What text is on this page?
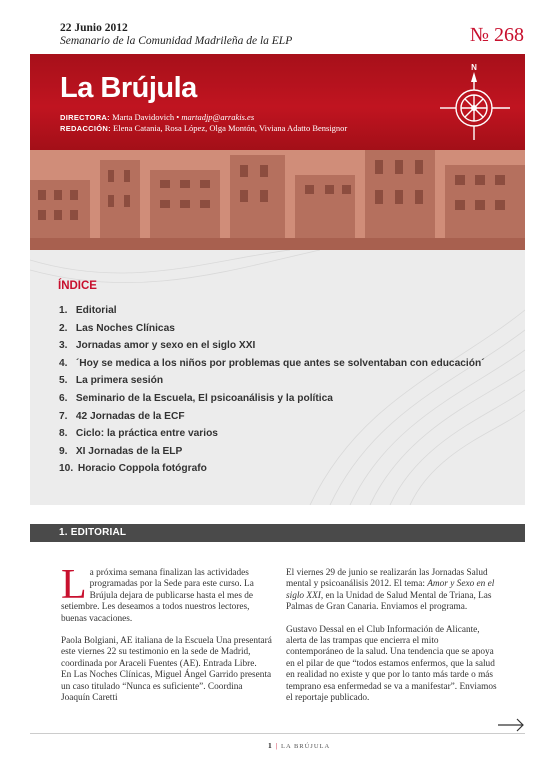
22 Junio 2012
Semanario de la Comunidad Madrileña de la ELP	№ 268
La Brújula
DIRECTORA: Marta Davidovich • martadjp@arrakis.es
REDACCIÓN: Elena Catania, Rosa López, Olga Montón, Viviana Adatto Bensignor
N
ÍNDICE
1. Editorial
2. Las Noches Clínicas
3. Jornadas amor y sexo en el siglo XXI
4. ´Hoy se medica a los niños por problemas que antes se solventaban con educación´
5. La primera sesión
6. Seminario de la Escuela, El psicoanálisis y la política
7. 42 Jornadas de la ECF
8. Ciclo: la práctica entre varios
9. XI Jornadas de la ELP
10. Horacio Coppola fotógrafo
1. EDITORIAL

La próxima semana finalizan las actividades programadas por la Sede para este curso. La Brújula dejara de publicarse hasta el mes de setiembre. Les deseamos a todos nuestros lectores, buenas vacaciones.

Paola Bolgiani, AE italiana de la Escuela Una presentará este viernes 22 su testimonio en la sede de Madrid, coordinada por Araceli Fuentes (AE). Entrada Libre.

En Las Noches Clínicas, Miguel Ángel Garrido presenta un caso titulado “Nunca es suficiente”. Coordina Joaquín Caretti

El viernes 29 de junio se realizarán las Jornadas Salud mental y psicoanálisis 2012. El tema: Amor y Sexo en el siglo XXI, en la Unidad de Salud Mental de Triana, Las Palmas de Gran Canaria. Enviamos el programa.

Gustavo Dessal en el Club Información de Alicante, alerta de las trampas que encierra el mito contemporáneo de la salud. Una tendencia que se apoya en el pilar de que “todos estamos enfermos, que la salud en realidad no existe y que por lo tanto más tarde o más temprano esa enfermedad se va a manifestar”. Enviamos el reportaje publicado.

1 | LA BRÚJULA
